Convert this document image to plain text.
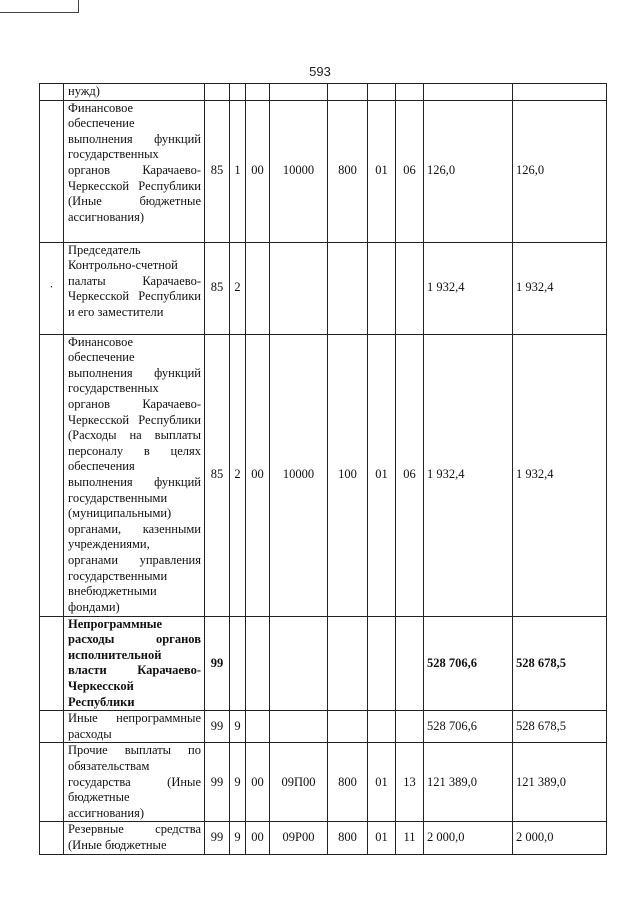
593
	нужд)									
	Финансовое обеспечение выполнения функций государственных органов Карачаево-Черкесской Республики (Иные бюджетные ассигнования)	85	1	00	10000	800	01	06	126,0	126,0
·	Председатель Контрольно-счетной палаты Карачаево-Черкесской Республики и его заместители	85	2						1 932,4	1 932,4
	Финансовое обеспечение выполнения функций государственных органов Карачаево-Черкесской Республики (Расходы на выплаты персоналу в целях обеспечения выполнения функций государственными (муниципальными) органами, казенными учреждениями, органами управления государственными внебюджетными фондами)	85	2	00	10000	100	01	06	1 932,4	1 932,4
	Непрограммные расходы органов исполнительной власти Карачаево-Черкесской Республики	99							528 706,6	528 678,5
	Иные непрограммные расходы	99	9						528 706,6	528 678,5
	Прочие выплаты по обязательствам государства (Иные бюджетные ассигнования)	99	9	00	09П00	800	01	13	121 389,0	121 389,0
	Резервные средства (Иные бюджетные	99	9	00	09Р00	800	01	11	2 000,0	2 000,0
